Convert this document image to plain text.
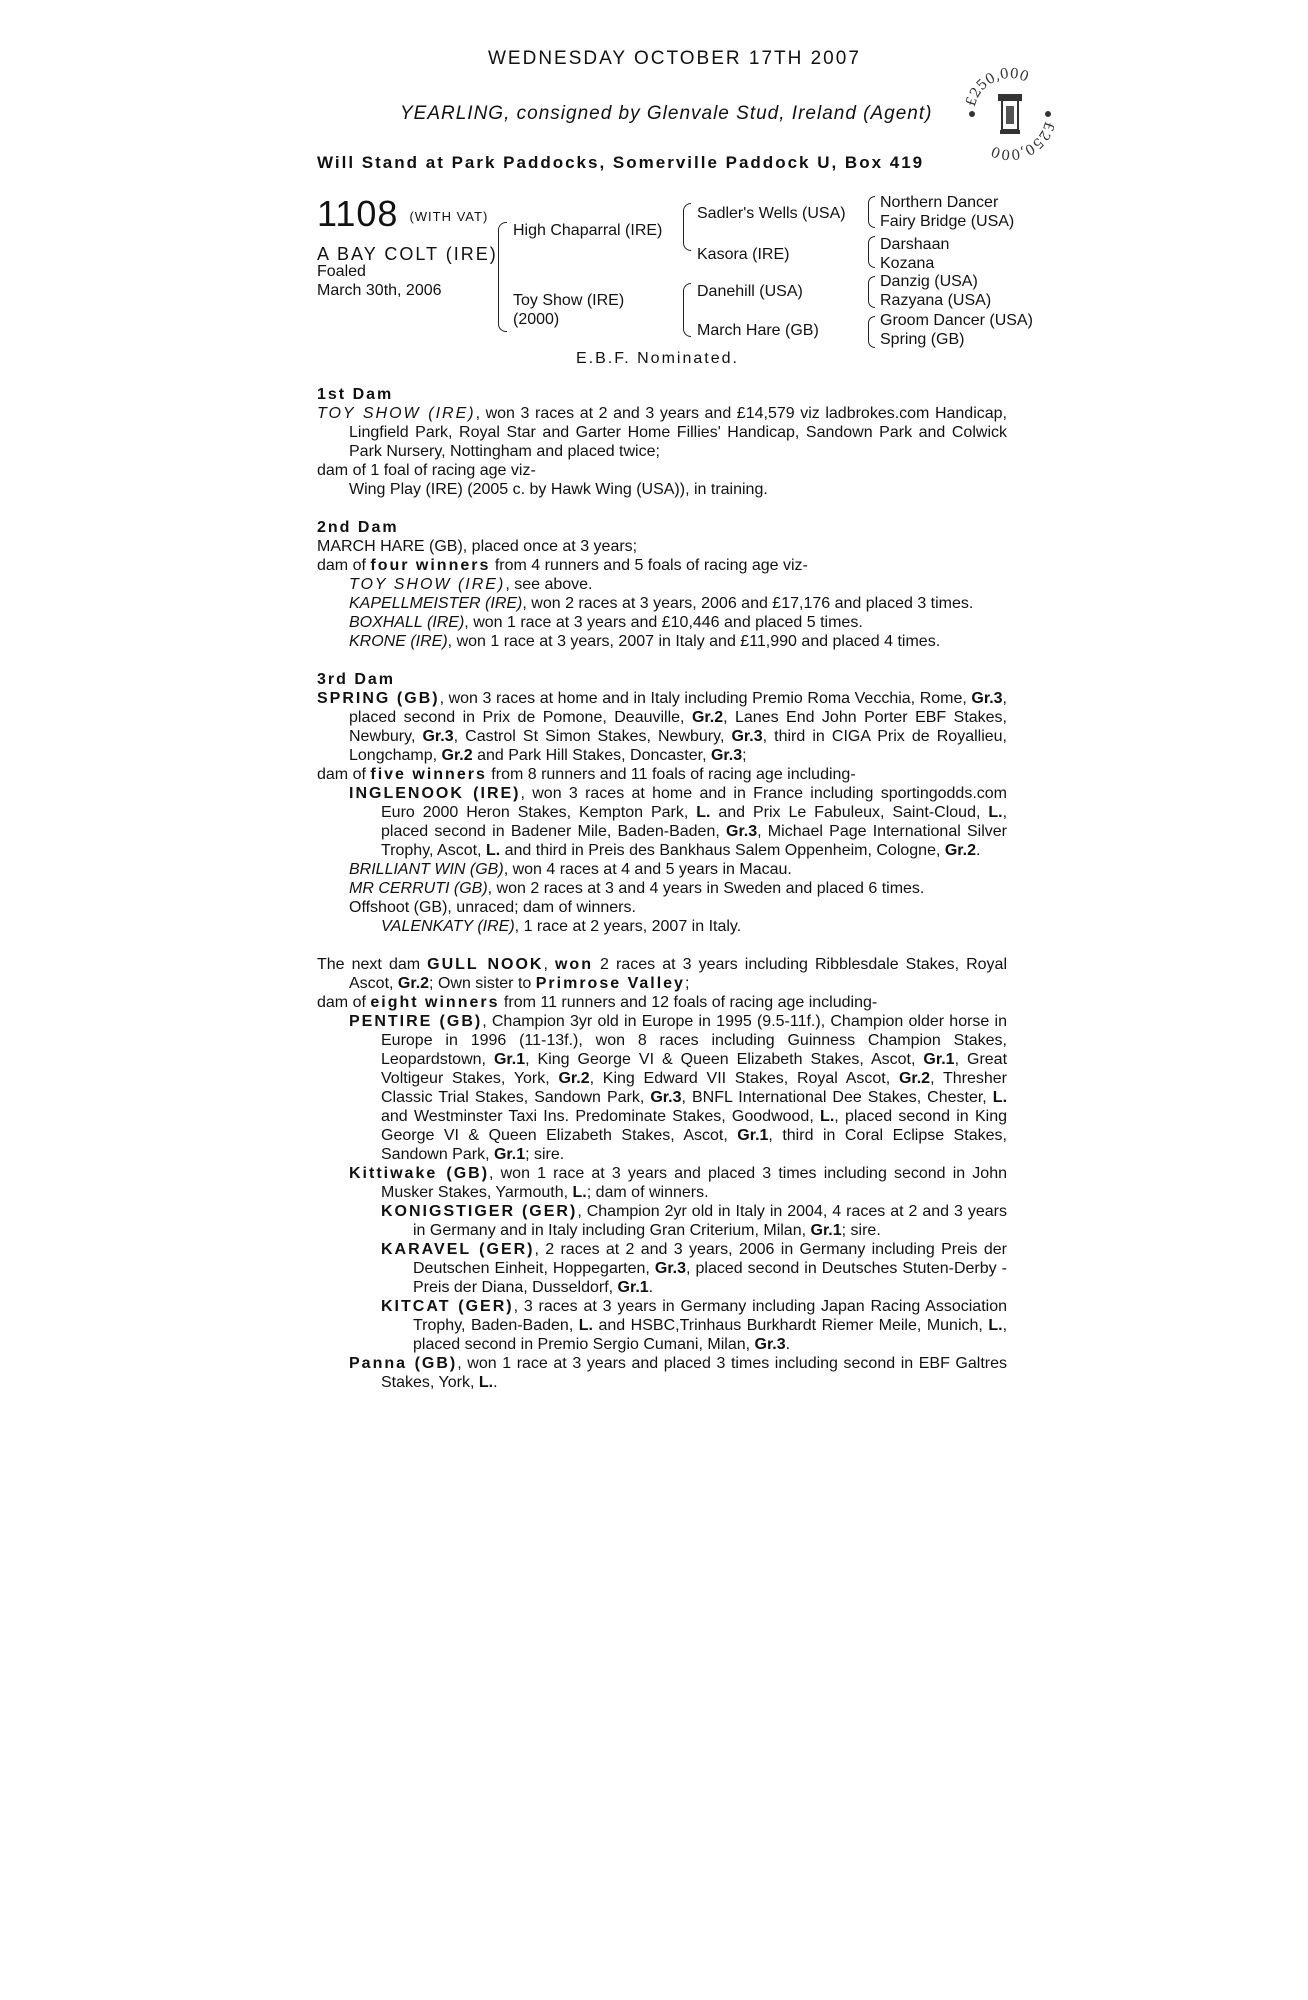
WEDNESDAY OCTOBER 17TH 2007
YEARLING, consigned by Glenvale Stud, Ireland (Agent)
Will Stand at Park Paddocks, Somerville Paddock U, Box 419
£250,000
£250,000
1108 (WITH VAT)
A BAY COLT (IRE)
Foaled
March 30th, 2006
High Chaparral (IRE)
Toy Show (IRE)
(2000)
Sadler's Wells (USA)
Kasora (IRE)
Danehill (USA)
March Hare (GB)
Northern Dancer
Fairy Bridge (USA)
Darshaan
Kozana
Danzig (USA)
Razyana (USA)
Groom Dancer (USA)
Spring (GB)
E.B.F. Nominated.
1st Dam
TOY SHOW (IRE), won 3 races at 2 and 3 years and £14,579 viz ladbrokes.com Handicap, Lingfield Park, Royal Star and Garter Home Fillies' Handicap, Sandown Park and Colwick Park Nursery, Nottingham and placed twice;
dam of 1 foal of racing age viz-
Wing Play (IRE) (2005 c. by Hawk Wing (USA)), in training.
2nd Dam
MARCH HARE (GB), placed once at 3 years;
dam of four winners from 4 runners and 5 foals of racing age viz-
TOY SHOW (IRE), see above.
KAPELLMEISTER (IRE), won 2 races at 3 years, 2006 and £17,176 and placed 3 times.
BOXHALL (IRE), won 1 race at 3 years and £10,446 and placed 5 times.
KRONE (IRE), won 1 race at 3 years, 2007 in Italy and £11,990 and placed 4 times.
3rd Dam
SPRING (GB), won 3 races at home and in Italy including Premio Roma Vecchia, Rome, Gr.3, placed second in Prix de Pomone, Deauville, Gr.2, Lanes End John Porter EBF Stakes, Newbury, Gr.3, Castrol St Simon Stakes, Newbury, Gr.3, third in CIGA Prix de Royallieu, Longchamp, Gr.2 and Park Hill Stakes, Doncaster, Gr.3;
dam of five winners from 8 runners and 11 foals of racing age including-
INGLENOOK (IRE), won 3 races at home and in France including sportingodds.com Euro 2000 Heron Stakes, Kempton Park, L. and Prix Le Fabuleux, Saint-Cloud, L., placed second in Badener Mile, Baden-Baden, Gr.3, Michael Page International Silver Trophy, Ascot, L. and third in Preis des Bankhaus Salem Oppenheim, Cologne, Gr.2.
BRILLIANT WIN (GB), won 4 races at 4 and 5 years in Macau.
MR CERRUTI (GB), won 2 races at 3 and 4 years in Sweden and placed 6 times.
Offshoot (GB), unraced; dam of winners.
VALENKATY (IRE), 1 race at 2 years, 2007 in Italy.
The next dam GULL NOOK, won 2 races at 3 years including Ribblesdale Stakes, Royal Ascot, Gr.2; Own sister to Primrose Valley;
dam of eight winners from 11 runners and 12 foals of racing age including-
PENTIRE (GB), Champion 3yr old in Europe in 1995 (9.5-11f.), Champion older horse in Europe in 1996 (11-13f.), won 8 races including Guinness Champion Stakes, Leopardstown, Gr.1, King George VI & Queen Elizabeth Stakes, Ascot, Gr.1, Great Voltigeur Stakes, York, Gr.2, King Edward VII Stakes, Royal Ascot, Gr.2, Thresher Classic Trial Stakes, Sandown Park, Gr.3, BNFL International Dee Stakes, Chester, L. and Westminster Taxi Ins. Predominate Stakes, Goodwood, L., placed second in King George VI & Queen Elizabeth Stakes, Ascot, Gr.1, third in Coral Eclipse Stakes, Sandown Park, Gr.1; sire.
Kittiwake (GB), won 1 race at 3 years and placed 3 times including second in John Musker Stakes, Yarmouth, L.; dam of winners.
KONIGSTIGER (GER), Champion 2yr old in Italy in 2004, 4 races at 2 and 3 years in Germany and in Italy including Gran Criterium, Milan, Gr.1; sire.
KARAVEL (GER), 2 races at 2 and 3 years, 2006 in Germany including Preis der Deutschen Einheit, Hoppegarten, Gr.3, placed second in Deutsches Stuten-Derby - Preis der Diana, Dusseldorf, Gr.1.
KITCAT (GER), 3 races at 3 years in Germany including Japan Racing Association Trophy, Baden-Baden, L. and HSBC,Trinhaus Burkhardt Riemer Meile, Munich, L., placed second in Premio Sergio Cumani, Milan, Gr.3.
Panna (GB), won 1 race at 3 years and placed 3 times including second in EBF Galtres Stakes, York, L..
